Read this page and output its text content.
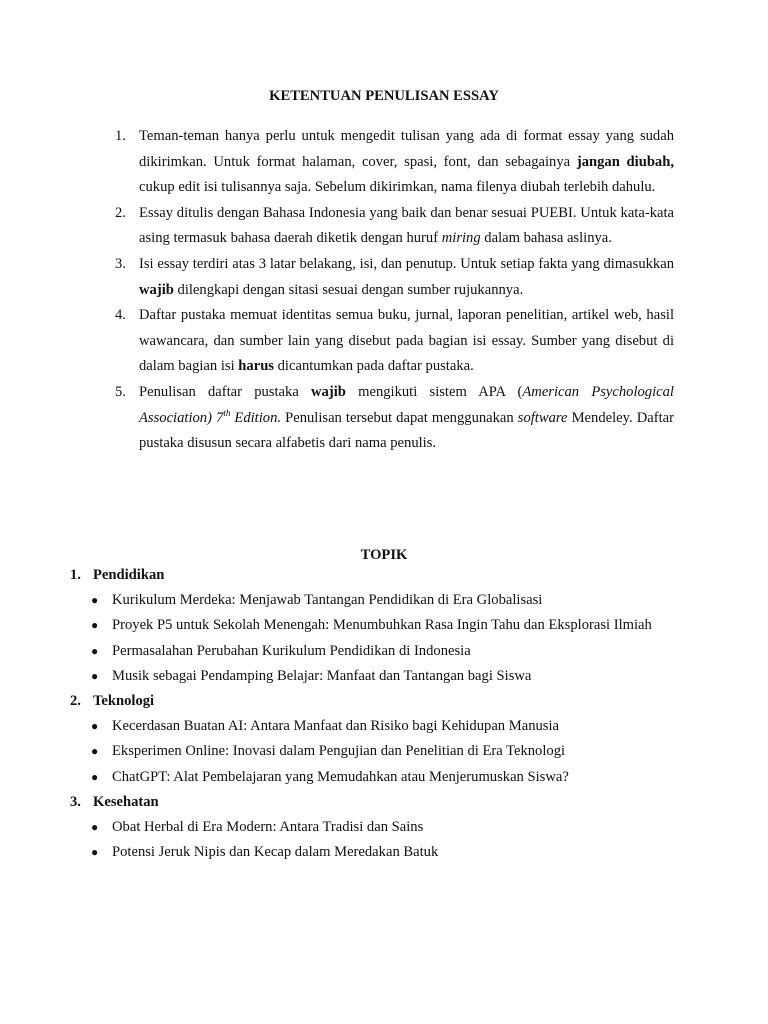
KETENTUAN PENULISAN ESSAY
1. Teman-teman hanya perlu untuk mengedit tulisan yang ada di format essay yang sudah dikirimkan. Untuk format halaman, cover, spasi, font, dan sebagainya jangan diubah, cukup edit isi tulisannya saja. Sebelum dikirimkan, nama filenya diubah terlebih dahulu.
2. Essay ditulis dengan Bahasa Indonesia yang baik dan benar sesuai PUEBI. Untuk kata-kata asing termasuk bahasa daerah diketik dengan huruf miring dalam bahasa aslinya.
3. Isi essay terdiri atas 3 latar belakang, isi, dan penutup. Untuk setiap fakta yang dimasukkan wajib dilengkapi dengan sitasi sesuai dengan sumber rujukannya.
4. Daftar pustaka memuat identitas semua buku, jurnal, laporan penelitian, artikel web, hasil wawancara, dan sumber lain yang disebut pada bagian isi essay. Sumber yang disebut di dalam bagian isi harus dicantumkan pada daftar pustaka.
5. Penulisan daftar pustaka wajib mengikuti sistem APA (American Psychological Association) 7th Edition. Penulisan tersebut dapat menggunakan software Mendeley. Daftar pustaka disusun secara alfabetis dari nama penulis.
TOPIK
1. Pendidikan
● Kurikulum Merdeka: Menjawab Tantangan Pendidikan di Era Globalisasi
● Proyek P5 untuk Sekolah Menengah: Menumbuhkan Rasa Ingin Tahu dan Eksplorasi Ilmiah
● Permasalahan Perubahan Kurikulum Pendidikan di Indonesia
● Musik sebagai Pendamping Belajar: Manfaat dan Tantangan bagi Siswa
2. Teknologi
● Kecerdasan Buatan AI: Antara Manfaat dan Risiko bagi Kehidupan Manusia
● Eksperimen Online: Inovasi dalam Pengujian dan Penelitian di Era Teknologi
● ChatGPT: Alat Pembelajaran yang Memudahkan atau Menjerumuskan Siswa?
3. Kesehatan
● Obat Herbal di Era Modern: Antara Tradisi dan Sains
● Potensi Jeruk Nipis dan Kecap dalam Meredakan Batuk
